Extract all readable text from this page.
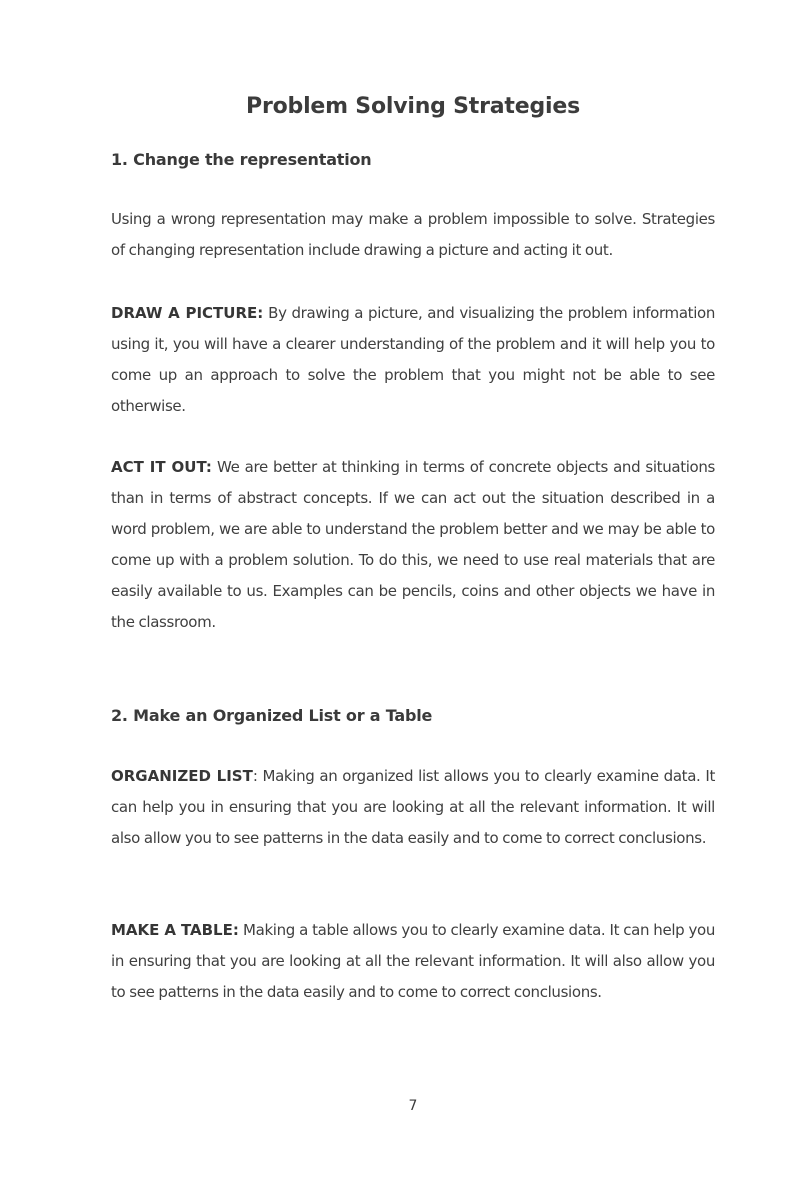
Problem Solving Strategies
1. Change the representation

Using a wrong representation may make a problem impossible to solve. Strategies of changing representation include drawing a picture and acting it out.

DRAW A PICTURE: By drawing a picture, and visualizing the problem information using it, you will have a clearer understanding of the problem and it will help you to come up an approach to solve the problem that you might not be able to see otherwise.

ACT IT OUT: We are better at thinking in terms of concrete objects and situations than in terms of abstract concepts. If we can act out the situation described in a word problem, we are able to understand the problem better and we may be able to come up with a problem solution. To do this, we need to use real materials that are easily available to us. Examples can be pencils, coins and other objects we have in the classroom.

2. Make an Organized List or a Table

ORGANIZED LIST: Making an organized list allows you to clearly examine data. It can help you in ensuring that you are looking at all the relevant information. It will also allow you to see patterns in the data easily and to come to correct conclusions.

MAKE A TABLE: Making a table allows you to clearly examine data. It can help you in ensuring that you are looking at all the relevant information. It will also allow you to see patterns in the data easily and to come to correct conclusions.

7
